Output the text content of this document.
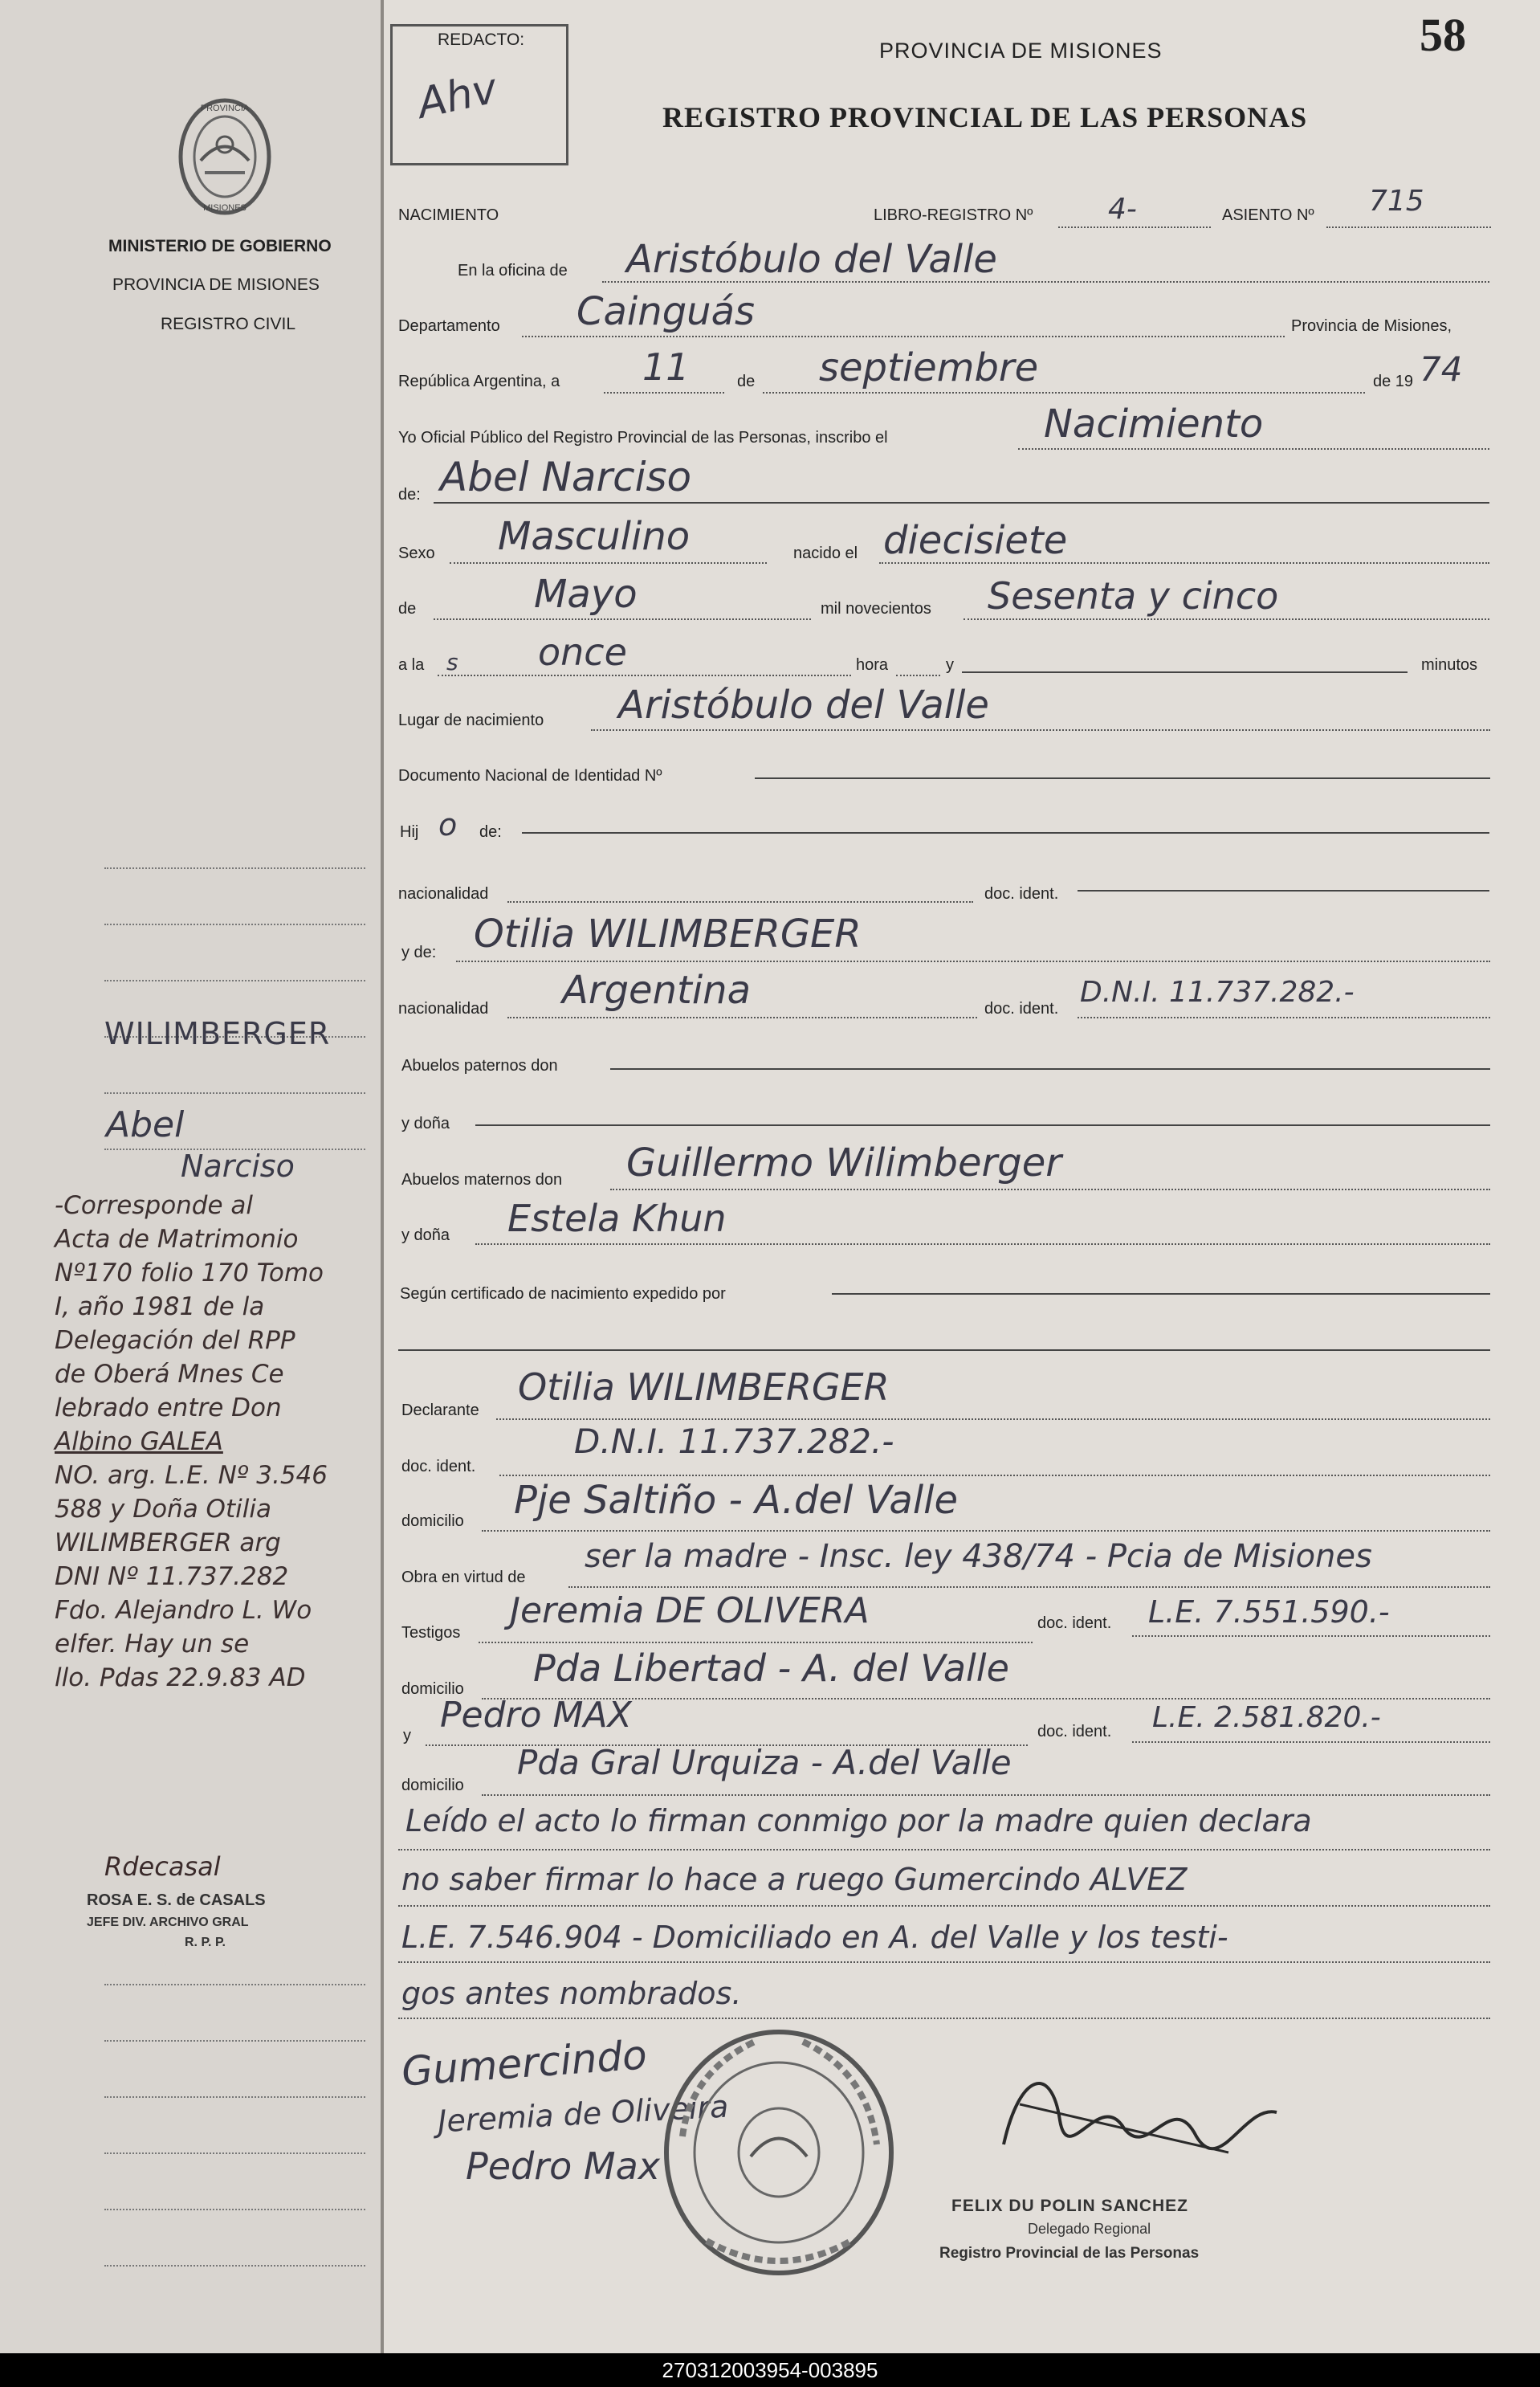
PROVINCIA
MISIONES
MINISTERIO DE GOBIERNO
PROVINCIA DE MISIONES
REGISTRO CIVIL
WILIMBERGER
Abel
Narciso
-Corresponde al
Acta de Matrimonio
Nº170 folio 170 Tomo
I, año 1981 de la
Delegación del RPP
de Oberá Mnes Ce
lebrado entre Don
Albino GALEA
NO. arg. L.E. Nº 3.546
588 y Doña Otilia
WILIMBERGER arg
DNI Nº 11.737.282
Fdo. Alejandro L. Wo
elfer. Hay un se
llo. Pdas 22.9.83 AD
Rdecasal
ROSA E. S. de CASALS
JEFE DIV. ARCHIVO GRAL
R. P. P.
REDACTO:
Ahv
PROVINCIA DE MISIONES
REGISTRO PROVINCIAL DE LAS PERSONAS
58
NACIMIENTO	LIBRO-REGISTRO Nº	4-	ASIENTO Nº 715
En la oficina de Aristóbulo del Valle
Departamento Cainguás	Provincia de Misiones,
República Argentina, a 11	de septiembre	de 19 74
Yo Oficial Público del Registro Provincial de las Personas, inscribo el	Nacimiento
de: Abel Narciso
Sexo Masculino	nacido el diecisiete
de	Mayo	mil novecientos Sesenta y cinco
a la s once	hora	y	minutos
Lugar de nacimiento Aristóbulo del Valle
Documento Nacional de Identidad Nº
Hij o de:
nacionalidad	doc. ident.
y de: Otilia WILIMBERGER
nacionalidad Argentina	doc. ident. D.N.I. 11.737.282.-
Abuelos paternos don
y doña
Abuelos maternos don Guillermo Wilimberger
y doña Estela Khun
Según certificado de nacimiento expedido por
Declarante
Otilia WILIMBERGER
doc. ident.
D.N.I. 11.737.282.-
domicilio Pje Saltiño - A.del Valle
Obra en virtud de
ser la madre - Insc. ley 438/74 - Pcia de Misiones
Testigos
Jeremia DE OLIVERA	doc. ident. L.E. 7.551.590.-
domicilio Pda Libertad - A. del Valle
y Pedro MAX	doc. ident. L.E. 2.581.820.-
domicilio
Pda Gral Urquiza - A.del Valle
Leído el acto lo firman conmigo por la madre quien declara
no saber firmar lo hace a ruego Gumercindo ALVEZ
L.E. 7.546.904 - Domiciliado en A. del Valle y los testi-
gos antes nombrados.
Gumercindo
Jeremia de Oliveira
Pedro Max
FELIX DU POLIN SANCHEZ
Delegado Regional
Registro Provincial de las Personas
270312003954-003895
